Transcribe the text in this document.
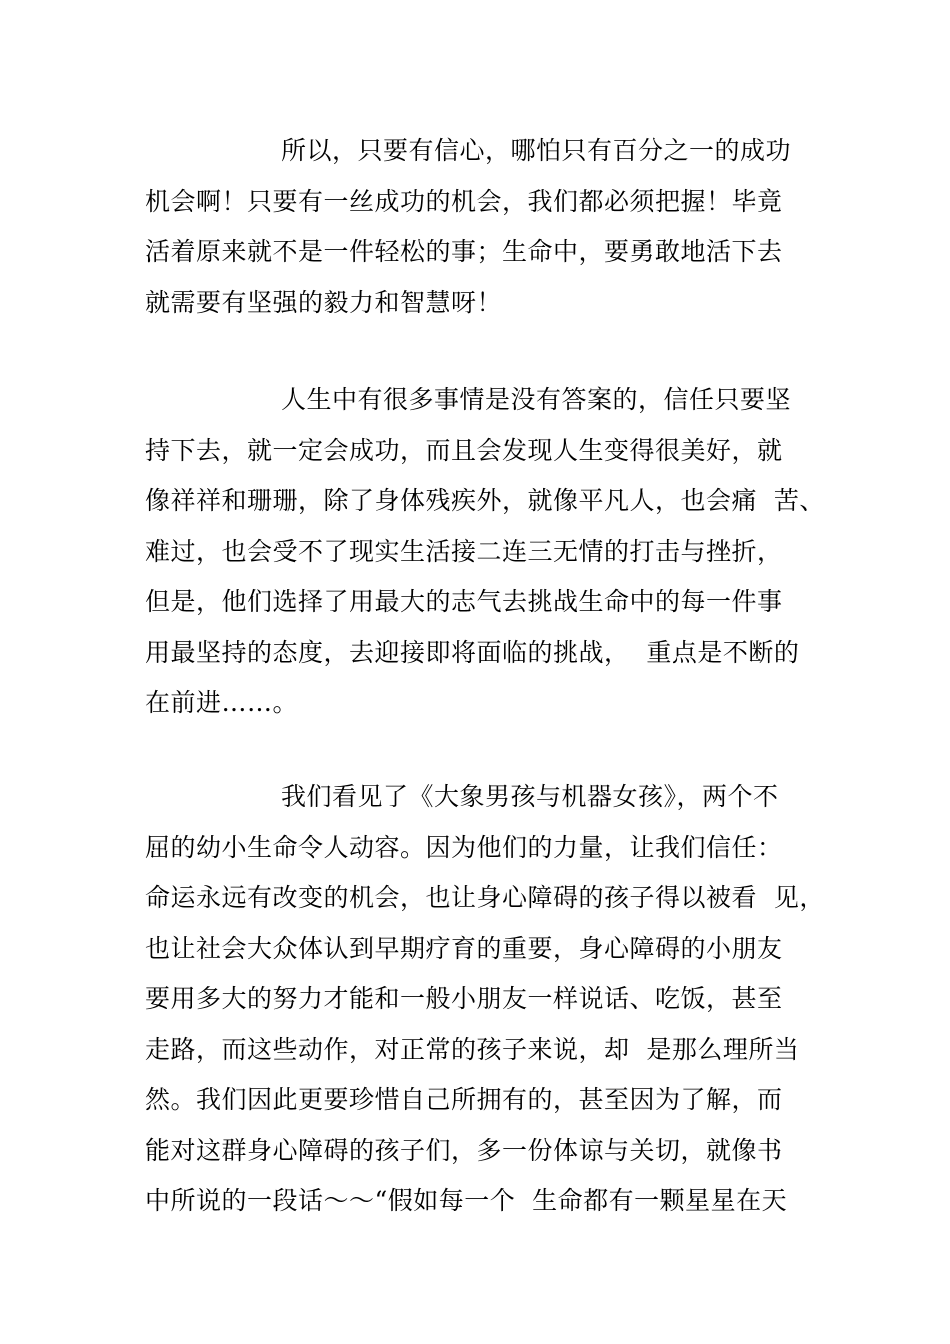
所以，只要有信心，哪怕只有百分之一的成功
机会啊！只要有一丝成功的机会，我们都必须把握！毕竟
活着原来就不是一件轻松的事；生命中，要勇敢地活下去
就需要有坚强的毅力和智慧呀！
人生中有很多事情是没有答案的，信任只要坚
持下去，就一定会成功，而且会发现人生变得很美好，就
像祥祥和珊珊，除了身体残疾外，就像平凡人，也会痛  苦、
难过，也会受不了现实生活接二连三无情的打击与挫折，
但是，他们选择了用最大的志气去挑战生命中的每一件事
用最坚持的态度，去迎接即将面临的挑战，  重点是不断的
在前进……。
我们看见了《大象男孩与机器女孩》，两个不
屈的幼小生命令人动容。因为他们的力量，让我们信任：
命运永远有改变的机会，也让身心障碍的孩子得以被看  见，
也让社会大众体认到早期疗育的重要，身心障碍的小朋友
要用多大的努力才能和一般小朋友一样说话、吃饭，甚至
走路，而这些动作，对正常的孩子来说，却  是那么理所当
然。我们因此更要珍惜自己所拥有的，甚至因为了解，而
能对这群身心障碍的孩子们，多一份体谅与关切，就像书
中所说的一段话～～“假如每一个  生命都有一颗星星在天
